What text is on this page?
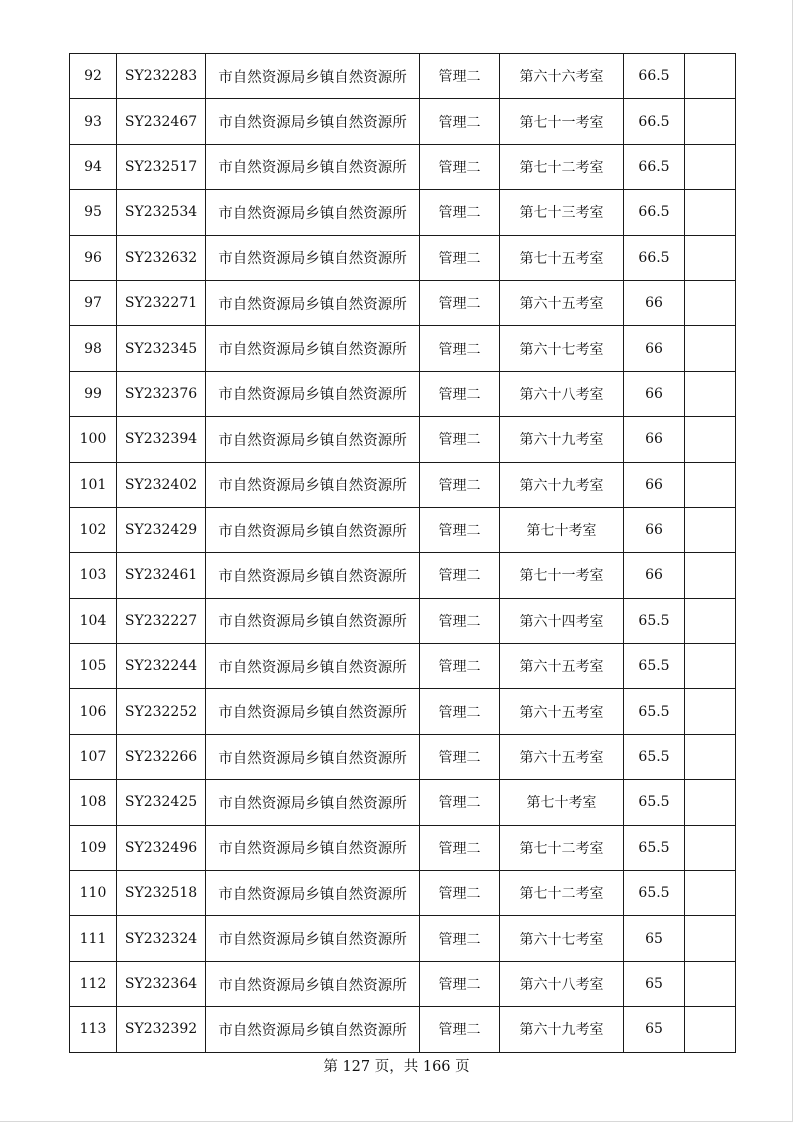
92	SY232283	市自然资源局乡镇自然资源所	管理二	第六十六考室	66.5	
93	SY232467	市自然资源局乡镇自然资源所	管理二	第七十一考室	66.5	
94	SY232517	市自然资源局乡镇自然资源所	管理二	第七十二考室	66.5	
95	SY232534	市自然资源局乡镇自然资源所	管理二	第七十三考室	66.5	
96	SY232632	市自然资源局乡镇自然资源所	管理二	第七十五考室	66.5	
97	SY232271	市自然资源局乡镇自然资源所	管理二	第六十五考室	66	
98	SY232345	市自然资源局乡镇自然资源所	管理二	第六十七考室	66	
99	SY232376	市自然资源局乡镇自然资源所	管理二	第六十八考室	66	
100	SY232394	市自然资源局乡镇自然资源所	管理二	第六十九考室	66	
101	SY232402	市自然资源局乡镇自然资源所	管理二	第六十九考室	66	
102	SY232429	市自然资源局乡镇自然资源所	管理二	第七十考室	66	
103	SY232461	市自然资源局乡镇自然资源所	管理二	第七十一考室	66	
104	SY232227	市自然资源局乡镇自然资源所	管理二	第六十四考室	65.5	
105	SY232244	市自然资源局乡镇自然资源所	管理二	第六十五考室	65.5	
106	SY232252	市自然资源局乡镇自然资源所	管理二	第六十五考室	65.5	
107	SY232266	市自然资源局乡镇自然资源所	管理二	第六十五考室	65.5	
108	SY232425	市自然资源局乡镇自然资源所	管理二	第七十考室	65.5	
109	SY232496	市自然资源局乡镇自然资源所	管理二	第七十二考室	65.5	
110	SY232518	市自然资源局乡镇自然资源所	管理二	第七十二考室	65.5	
111	SY232324	市自然资源局乡镇自然资源所	管理二	第六十七考室	65	
112	SY232364	市自然资源局乡镇自然资源所	管理二	第六十八考室	65	
113	SY232392	市自然资源局乡镇自然资源所	管理二	第六十九考室	65	
第 127 页，共 166 页
